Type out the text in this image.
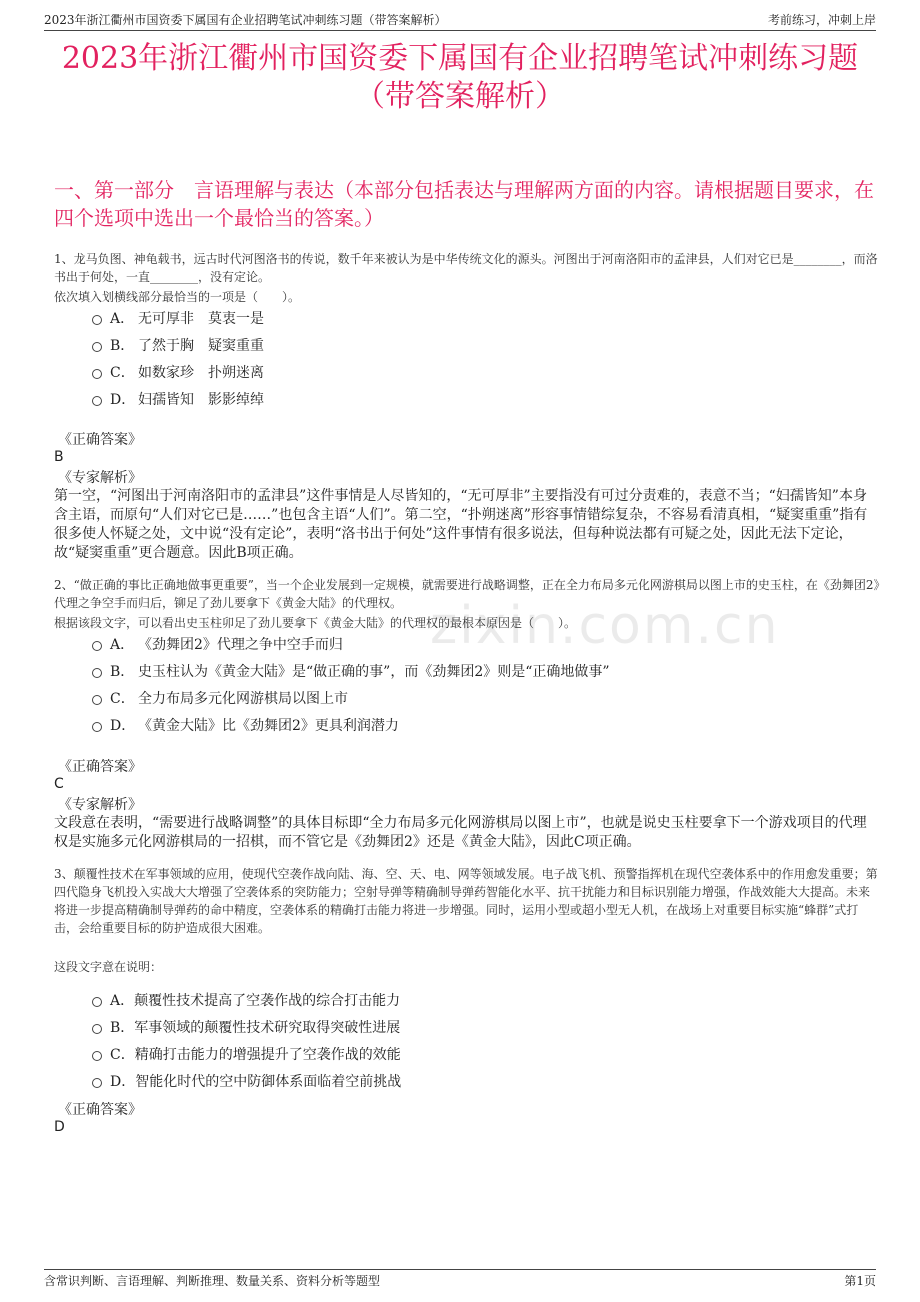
2023年浙江衢州市国资委下属国有企业招聘笔试冲刺练习题（带答案解析）	考前练习，冲刺上岸
2023年浙江衢州市国资委下属国有企业招聘笔试冲刺练习题
（带答案解析）
一、第一部分　言语理解与表达（本部分包括表达与理解两方面的内容。请根据题目要求，在四个选项中选出一个最恰当的答案。）
zixin.com.cn
1、龙马负图、神龟载书，远古时代河图洛书的传说，数千年来被认为是中华传统文化的源头。河图出于河南洛阳市的孟津县，人们对它已是________，而洛书出于何处，一直________，没有定论。
依次填入划横线部分最恰当的一项是（　　）。
A． 无可厚非　莫衷一是
B． 了然于胸　疑窦重重
C． 如数家珍　扑朔迷离
D． 妇孺皆知　影影绰绰
《正确答案》
B
《专家解析》
第一空，“河图出于河南洛阳市的孟津县”这件事情是人尽皆知的，“无可厚非”主要指没有可过分责难的，表意不当；“妇孺皆知”本身含主语，而原句“人们对它已是……”也包含主语“人们”。第二空，“扑朔迷离”形容事情错综复杂，不容易看清真相，“疑窦重重”指有很多使人怀疑之处，文中说“没有定论”，表明“洛书出于何处”这件事情有很多说法，但每种说法都有可疑之处，因此无法下定论，故“疑窦重重”更合题意。因此B项正确。
2、“做正确的事比正确地做事更重要”，当一个企业发展到一定规模，就需要进行战略调整，正在全力布局多元化网游棋局以图上市的史玉柱，在《劲舞团2》代理之争空手而归后，铆足了劲儿要拿下《黄金大陆》的代理权。
根据该段文字，可以看出史玉柱卯足了劲儿要拿下《黄金大陆》的代理权的最根本原因是（　　）。
A． 《劲舞团2》代理之争中空手而归
B． 史玉柱认为《黄金大陆》是“做正确的事”，而《劲舞团2》则是“正确地做事”
C． 全力布局多元化网游棋局以图上市
D． 《黄金大陆》比《劲舞团2》更具利润潜力
《正确答案》
C
《专家解析》
文段意在表明，“需要进行战略调整”的具体目标即“全力布局多元化网游棋局以图上市”，也就是说史玉柱要拿下一个游戏项目的代理权是实施多元化网游棋局的一招棋，而不管它是《劲舞团2》还是《黄金大陆》，因此C项正确。
3、颠覆性技术在军事领域的应用，使现代空袭作战向陆、海、空、天、电、网等领域发展。电子战飞机、预警指挥机在现代空袭体系中的作用愈发重要；第四代隐身飞机投入实战大大增强了空袭体系的突防能力；空射导弹等精确制导弹药智能化水平、抗干扰能力和目标识别能力增强，作战效能大大提高。未来将进一步提高精确制导弹药的命中精度，空袭体系的精确打击能力将进一步增强。同时，运用小型或超小型无人机，在战场上对重要目标实施“蜂群”式打击，会给重要目标的防护造成很大困难。
这段文字意在说明：
A． 颠覆性技术提高了空袭作战的综合打击能力
B． 军事领域的颠覆性技术研究取得突破性进展
C． 精确打击能力的增强提升了空袭作战的效能
D． 智能化时代的空中防御体系面临着空前挑战
《正确答案》
D
含常识判断、言语理解、判断推理、数量关系、资料分析等题型	第1页
